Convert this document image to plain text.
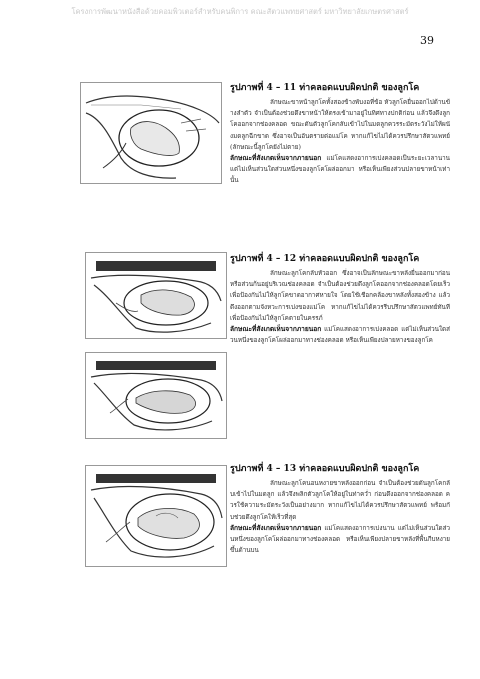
โครงการพัฒนาหนังสือด้วยคอมพิวเตอร์สำหรับคนพิการ คณะสัตวแพทยศาสตร์ มหาวิทยาลัยเกษตรศาสตร์
39
รูปภาพที่ 4 – 11 ท่าคลอดแบบผิดปกติ ของลูกโค

ลักษณะขาหน้าลูกโคทั้งสองข้างพับงอที่ข้อ หัวลูกโคยื่นออกไปด้านข้างลำตัว จำเป็นต้องช่วยดึงขาหน้าให้ตรงเข้ามาอยู่ในทิศทางปกติก่อน แล้วจึงดึงลูกโคออกจากช่องคลอด ขณะดันตัวลูกโคกลับเข้าไปในมดลูกควรระมัดระวังไม่ให้ผนังมดลูกฉีกขาด ซึ่งอาจเป็นอันตรายต่อแม่โค หากแก้ไขไม่ได้ควรปรึกษาสัตวแพทย์ (ลักษณะนี้ลูกโคยังไม่ตาย)

ลักษณะที่สังเกตเห็นจากภายนอก แม่โคแสดงอาการเบ่งคลอดเป็นระยะเวลานาน แต่ไม่เห็นส่วนใดส่วนหนึ่งของลูกโคโผล่ออกมา หรือเห็นเพียงส่วนปลายขาหน้าเท่านั้น

รูปภาพที่ 4 – 12 ท่าคลอดแบบผิดปกติ ของลูกโค

ลักษณะลูกโคกลับหัวออก ซึ่งอาจเป็นลักษณะขาหลังยื่นออกมาก่อน หรือส่วนก้นอยู่บริเวณช่องคลอด จำเป็นต้องช่วยดึงลูกโคออกจากช่องคลอดโดยเร็ว เพื่อป้องกันไม่ให้ลูกโคขาดอากาศหายใจ โดยใช้เชือกคล้องขาหลังทั้งสองข้าง แล้วดึงออกตามจังหวะการเบ่งของแม่โค หากแก้ไขไม่ได้ควรรีบปรึกษาสัตวแพทย์ทันที เพื่อป้องกันไม่ให้ลูกโคตายในครรภ์

ลักษณะที่สังเกตเห็นจากภายนอก แม่โคแสดงอาการเบ่งคลอด แต่ไม่เห็นส่วนใดส่วนหนึ่งของลูกโคโผล่ออกมาทางช่องคลอด หรือเห็นเพียงปลายหางของลูกโค

รูปภาพที่ 4 – 13 ท่าคลอดแบบผิดปกติ ของลูกโค

ลักษณะลูกโคนอนหงายขาหลังออกก่อน จำเป็นต้องช่วยดันลูกโคกลับเข้าไปในมดลูก แล้วจึงพลิกตัวลูกโคให้อยู่ในท่าคว่ำ ก่อนดึงออกจากช่องคลอด ควรใช้ความระมัดระวังเป็นอย่างมาก หากแก้ไขไม่ได้ควรปรึกษาสัตวแพทย์ พร้อมกับช่วยดึงลูกโคให้เร็วที่สุด

ลักษณะที่สังเกตเห็นจากภายนอก แม่โคแสดงอาการเบ่งนาน แต่ไม่เห็นส่วนใดส่วนหนึ่งของลูกโคโผล่ออกมาทางช่องคลอด หรือเห็นเพียงปลายขาหลังที่พื้นกีบหงายขึ้นด้านบน
